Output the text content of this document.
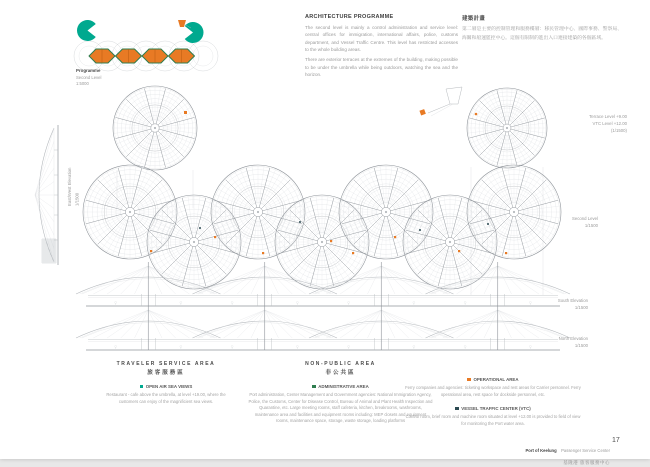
Programme
Second Level
1:5000
ARCHITECTURE PROGRAMME

The second level is mainly a control administration and service level: central offices for immigration, international affairs, police, customs department, and Vessel Traffic Centre. This level has restricted accesses to the whole building areas.

There are exterior terraces at the extremes of the building, making possible to be under the umbrella while being outdoors, watching the sea and the horizon.

建築計畫
第二層是主要的控制管理和服務樓層：移民管理中心、國際事務、警察局、海關和船運監控中心。這個有限制的進出入口連接建築的各個區域。
East/West Elevation 1/1500
Terrace Level +9.00
VTC Level +12.00
(1/1500)
Second Level
1/1500
South Elevation
1/1500
North Elevation
1/1500
TRAVELER SERVICE AREA
旅客服務區
OPEN AIR SEA VIEWS
Restaurant - cafe above the umbrella, at level +19.00, where the customers can enjoy of the magnificient sea views.
NON-PUBLIC AREA
非公共區
ADMINISTRATIVE AREA
Port administration, Center Management and Government agencies: National Immigration Agency, Police, the Customs, Center for Disease Control, Bureau of Animal and Plant Health Inspection and Quarantine, etc. Large meeting rooms, staff cafeteria, kitchen, breakrooms, washrooms, maintenance area and facilities and equipment rooms including: MEP closets and equipment rooms, maintenance space, storage, waste storage, loading platforms
OPERATIONAL AREA
Ferry companies and agencies: ticketing workspace and rest areas for Carrier personnel. Ferry operational area, rest space for dockside personnel, etc.
VESSEL TRAFFIC CENTER (VTC)
Control room, brief room and machine room situated at level +12.00 is provided to field of view for monitoring the Port water area.
Port of Keelung Passenger Service Center
基隆港 旅客服務中心
17
